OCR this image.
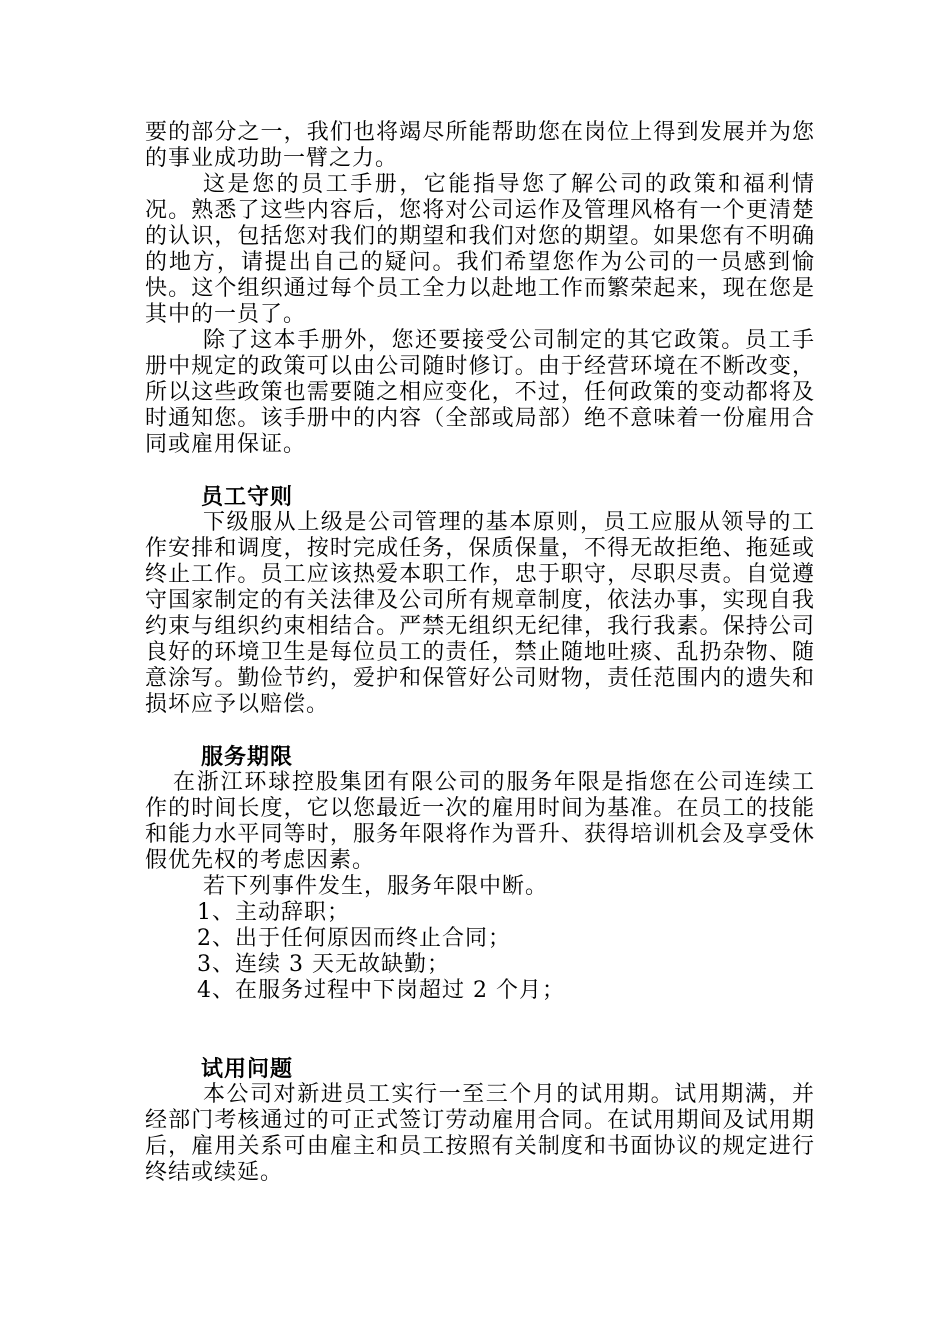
要的部分之一，我们也将竭尽所能帮助您在岗位上得到发展并为您的事业成功助一臂之力。

这是您的员工手册，它能指导您了解公司的政策和福利情况。熟悉了这些内容后，您将对公司运作及管理风格有一个更清楚的认识，包括您对我们的期望和我们对您的期望。如果您有不明确的地方，请提出自己的疑问。我们希望您作为公司的一员感到愉快。这个组织通过每个员工全力以赴地工作而繁荣起来，现在您是其中的一员了。

除了这本手册外，您还要接受公司制定的其它政策。员工手册中规定的政策可以由公司随时修订。由于经营环境在不断改变，所以这些政策也需要随之相应变化，不过，任何政策的变动都将及时通知您。该手册中的内容（全部或局部）绝不意味着一份雇用合同或雇用保证。

员工守则

下级服从上级是公司管理的基本原则，员工应服从领导的工作安排和调度，按时完成任务，保质保量，不得无故拒绝、拖延或终止工作。员工应该热爱本职工作，忠于职守，尽职尽责。自觉遵守国家制定的有关法律及公司所有规章制度，依法办事，实现自我约束与组织约束相结合。严禁无组织无纪律，我行我素。保持公司良好的环境卫生是每位员工的责任，禁止随地吐痰、乱扔杂物、随意涂写。勤俭节约，爱护和保管好公司财物，责任范围内的遗失和损坏应予以赔偿。

服务期限

在浙江环球控股集团有限公司的服务年限是指您在公司连续工作的时间长度，它以您最近一次的雇用时间为基准。在员工的技能和能力水平同等时，服务年限将作为晋升、获得培训机会及享受休假优先权的考虑因素。

若下列事件发生，服务年限中断。

1、主动辞职；
2、出于任何原因而终止合同；
3、连续 3 天无故缺勤；
4、在服务过程中下岗超过 2 个月；
试用问题

本公司对新进员工实行一至三个月的试用期。试用期满，并经部门考核通过的可正式签订劳动雇用合同。在试用期间及试用期后，雇用关系可由雇主和员工按照有关制度和书面协议的规定进行终结或续延。
